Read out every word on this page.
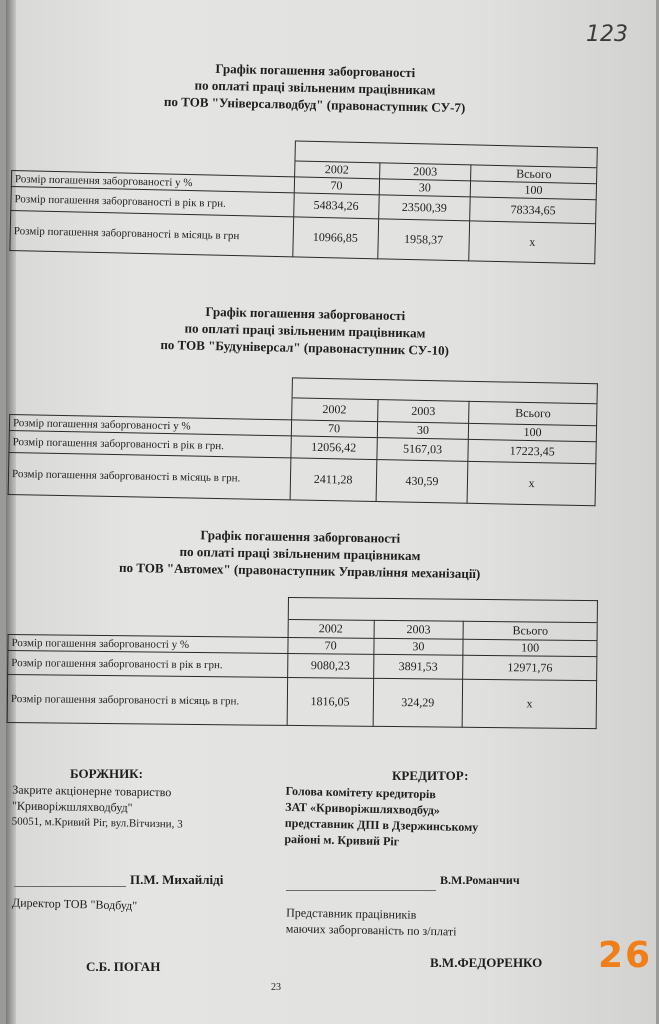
123
Графік погашення заборгованості
по оплаті праці звільненим працівникам
по ТОВ "Універсалводбуд" (правонаступник СУ-7)

	2002	2003	Всього
Розмір погашення заборгованості у %	70	30	100
Розмір погашення заборгованості в рік в грн.	54834,26	23500,39	78334,65
Розмір погашення заборгованості в місяць в грн	10966,85	1958,37	х
Графік погашення заборгованості
по оплаті праці звільненим працівникам
по ТОВ "Будуніверсал" (правонаступник СУ-10)

	2002	2003	Всього
Розмір погашення заборгованості у %	70	30	100
Розмір погашення заборгованості в рік в грн.	12056,42	5167,03	17223,45
Розмір погашення заборгованості в місяць в грн.	2411,28	430,59	х
Графік погашення заборгованості
по оплаті праці звільненим працівникам
по ТОВ "Автомех" (правонаступник Управління механізації)

	2002	2003	Всього
Розмір погашення заборгованості у %	70	30	100
Розмір погашення заборгованості в рік в грн.	9080,23	3891,53	12971,76
Розмір погашення заборгованості в місяць в грн.	1816,05	324,29	х
БОРЖНИК:
Закрите акціонерне товариство
"Криворіжшляхводбуд"
50051, м.Кривий Ріг, вул.Вітчизни, 3
П.М. Михайліді
Директор ТОВ "Водбуд"
С.Б. ПОГАН
КРЕДИТОР:
Голова комітету кредиторів
ЗАТ «Криворіжшляхводбуд»
представник ДПІ в Дзержинському
районі м. Кривий Ріг
В.М.Романчич
Представник працівників
маючих заборгованість по з/платі
В.М.ФЕДОРЕНКО
23
26
